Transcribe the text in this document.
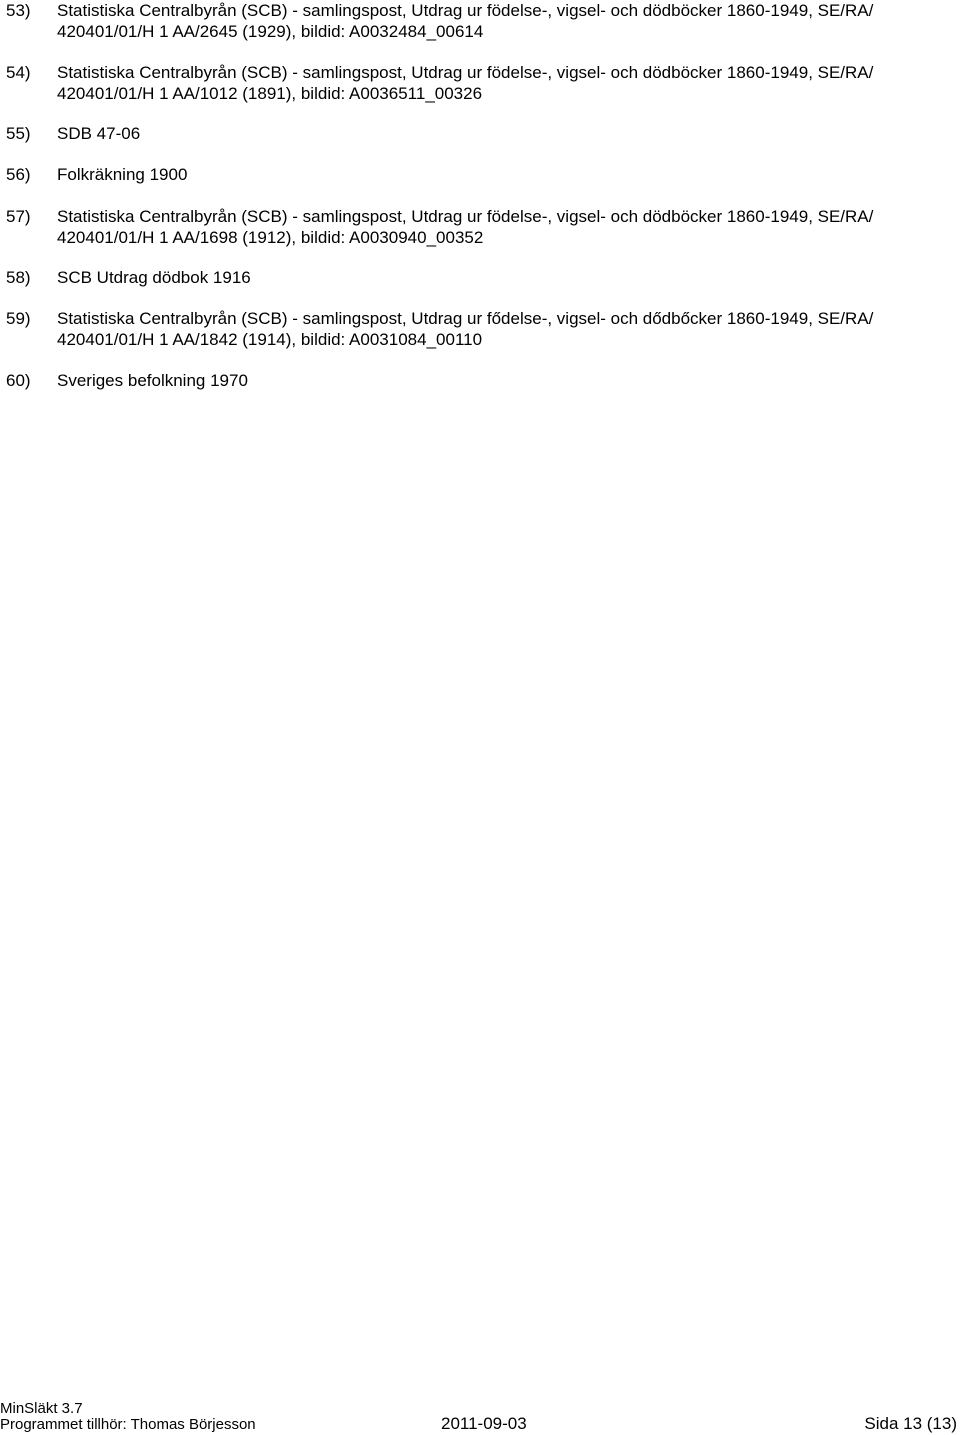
53) Statistiska Centralbyrån (SCB) - samlingspost, Utdrag ur födelse-, vigsel- och dödböcker 1860-1949, SE/RA/
420401/01/H 1 AA/2645 (1929), bildid: A0032484_00614
54) Statistiska Centralbyrån (SCB) - samlingspost, Utdrag ur födelse-, vigsel- och dödböcker 1860-1949, SE/RA/
420401/01/H 1 AA/1012 (1891), bildid: A0036511_00326
55) SDB 47-06
56) Folkräkning 1900
57) Statistiska Centralbyrån (SCB) - samlingspost, Utdrag ur födelse-, vigsel- och dödböcker 1860-1949, SE/RA/
420401/01/H 1 AA/1698 (1912), bildid: A0030940_00352
58) SCB Utdrag dödbok 1916
59) Statistiska Centralbyrån (SCB) - samlingspost, Utdrag ur fődelse-, vigsel- och dődbőcker 1860-1949, SE/RA/
420401/01/H 1 AA/1842 (1914), bildid: A0031084_00110
60) Sveriges befolkning 1970
MinSläkt 3.7
Programmet tillhör: Thomas Börjesson	2011-09-03	Sida 13 (13)
